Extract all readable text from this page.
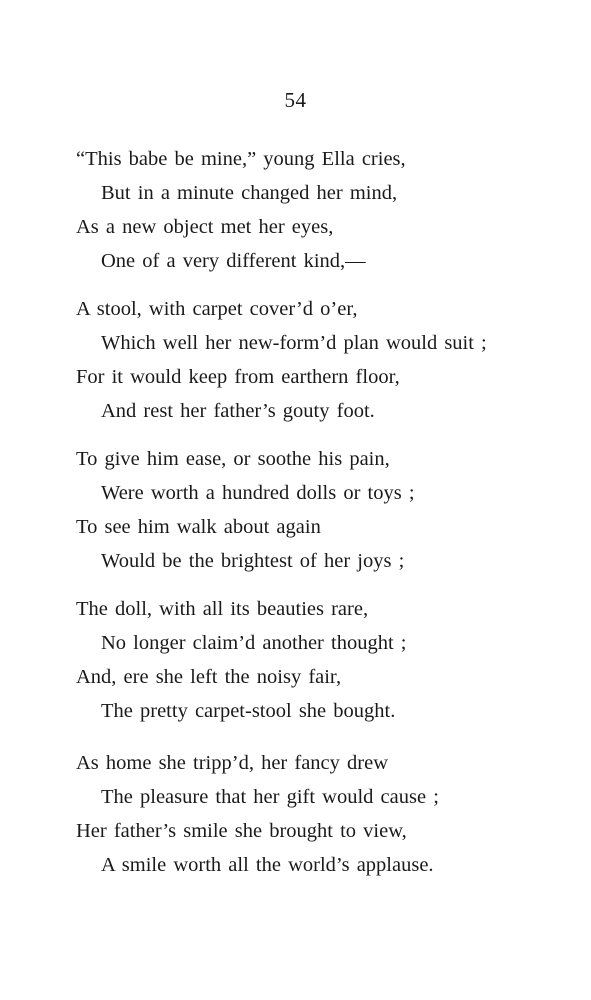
54
“This babe be mine,” young Ella cries,
But in a minute changed her mind,
As a new object met her eyes,
One of a very different kind,—
A stool, with carpet cover’d o’er,
Which well her new-form’d plan would suit ;
For it would keep from earthern floor,
And rest her father’s gouty foot.
To give him ease, or soothe his pain,
Were worth a hundred dolls or toys ;
To see him walk about again
Would be the brightest of her joys ;
The doll, with all its beauties rare,
No longer claim’d another thought ;
And, ere she left the noisy fair,
The pretty carpet-stool she bought.
As home she tripp’d, her fancy drew
The pleasure that her gift would cause ;
Her father’s smile she brought to view,
A smile worth all the world’s applause.
